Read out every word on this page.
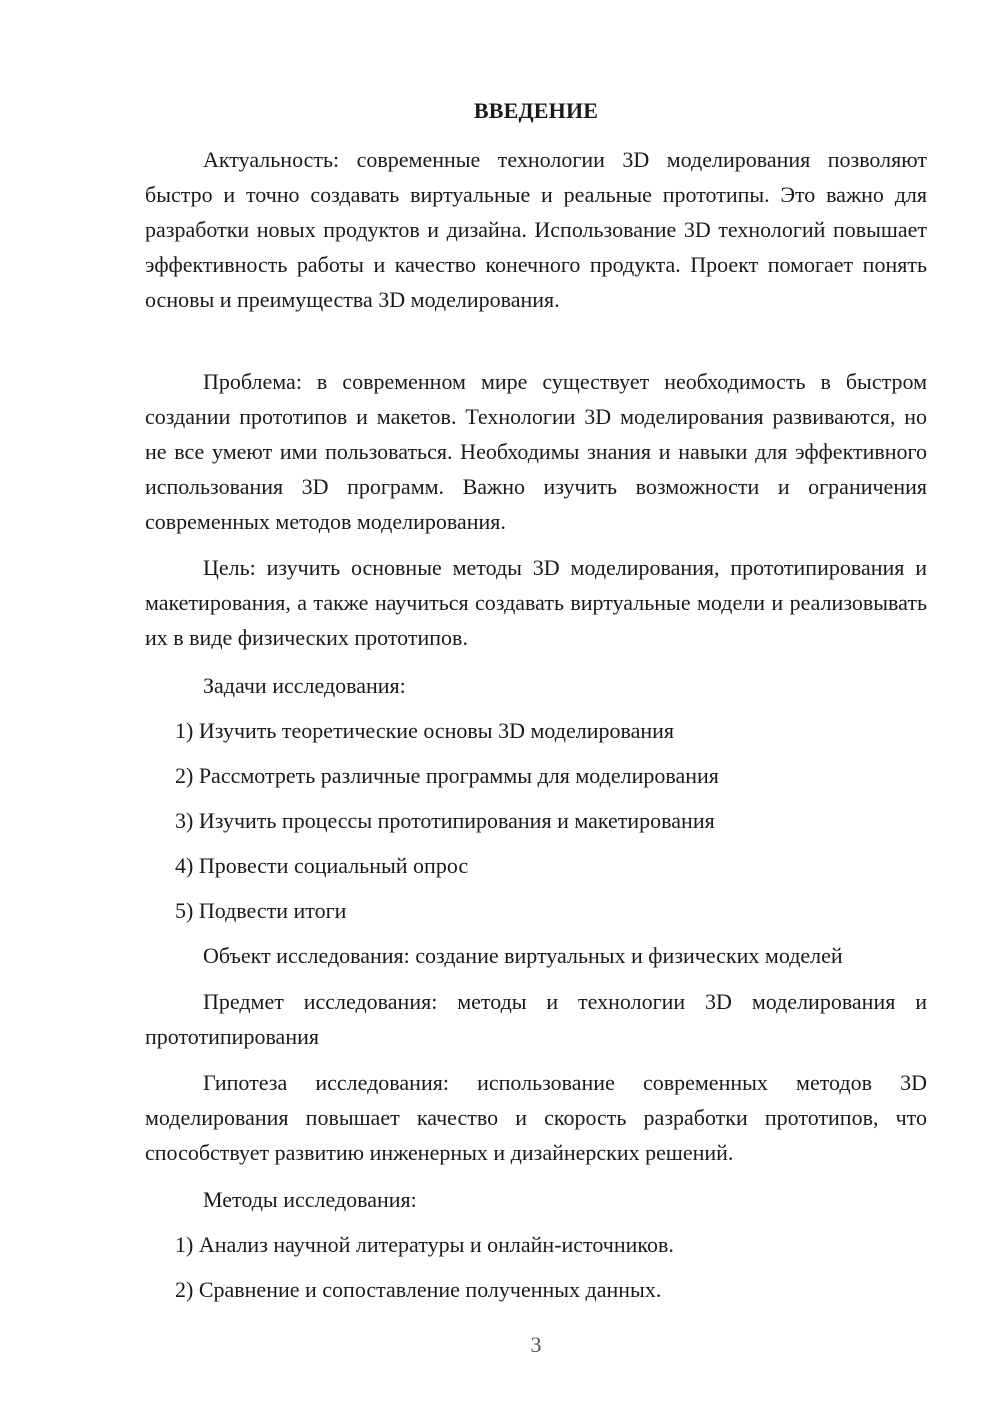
ВВЕДЕНИЕ

Актуальность: современные технологии 3D моделирования позволяют быстро и точно создавать виртуальные и реальные прототипы. Это важно для разработки новых продуктов и дизайна. Использование 3D технологий повышает эффективность работы и качество конечного продукта. Проект помогает понять основы и преимущества 3D моделирования.

Проблема: в современном мире существует необходимость в быстром создании прототипов и макетов. Технологии 3D моделирования развиваются, но не все умеют ими пользоваться. Необходимы знания и навыки для эффективного использования 3D программ. Важно изучить возможности и ограничения современных методов моделирования.

Цель: изучить основные методы 3D моделирования, прототипирования и макетирования, а также научиться создавать виртуальные модели и реализовывать их в виде физических прототипов.

Задачи исследования:

1) Изучить теоретические основы 3D моделирования

2) Рассмотреть различные программы для моделирования

3) Изучить процессы прототипирования и макетирования

4) Провести социальный опрос

5) Подвести итоги

Объект исследования: создание виртуальных и физических моделей

Предмет исследования: методы и технологии 3D моделирования и прототипирования

Гипотеза исследования: использование современных методов 3D моделирования повышает качество и скорость разработки прототипов, что способствует развитию инженерных и дизайнерских решений.

Методы исследования:

1) Анализ научной литературы и онлайн-источников.

2) Сравнение и сопоставление полученных данных.

3
